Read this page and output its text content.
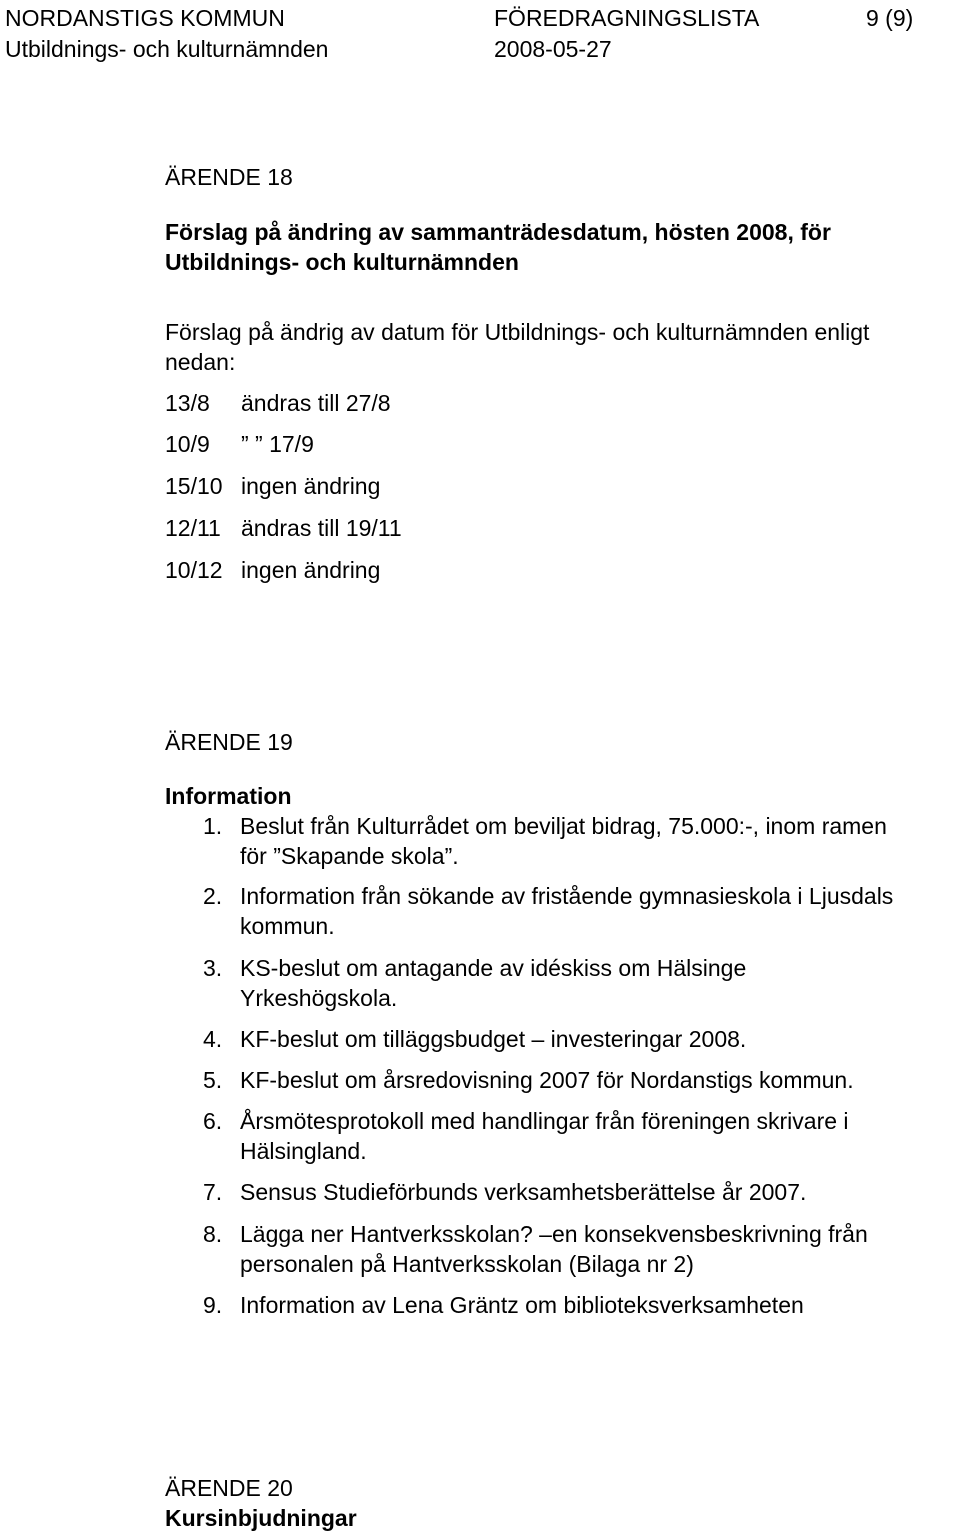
NORDANSTIGS KOMMUN
Utbildnings- och kulturnämnden
FÖREDRAGNINGSLISTA
2008-05-27
9 (9)
ÄRENDE 18
Förslag på ändring av sammanträdesdatum, hösten 2008, för
Utbildnings- och kulturnämnden
Förslag på ändrig av datum för Utbildnings- och kulturnämnden enligt
nedan:
13/8 ändras till 27/8
10/9 ” ” 17/9
15/10 ingen ändring
12/11 ändras till 19/11
10/12 ingen ändring
ÄRENDE 19
Information
1. Beslut från Kulturrådet om beviljat bidrag, 75.000:-, inom ramen
för ”Skapande skola”.
2. Information från sökande av fristående gymnasieskola i Ljusdals
kommun.
3. KS-beslut om antagande av idéskiss om Hälsinge
Yrkeshögskola.
4. KF-beslut om tilläggsbudget – investeringar 2008.
5. KF-beslut om årsredovisning 2007 för Nordanstigs kommun.
6. Årsmötesprotokoll med handlingar från föreningen skrivare i
Hälsingland.
7. Sensus Studieförbunds verksamhetsberättelse år 2007.
8. Lägga ner Hantverksskolan? –en konsekvensbeskrivning från
personalen på Hantverksskolan (Bilaga nr 2)
9. Information av Lena Gräntz om biblioteksverksamheten
ÄRENDE 20
Kursinbjudningar
